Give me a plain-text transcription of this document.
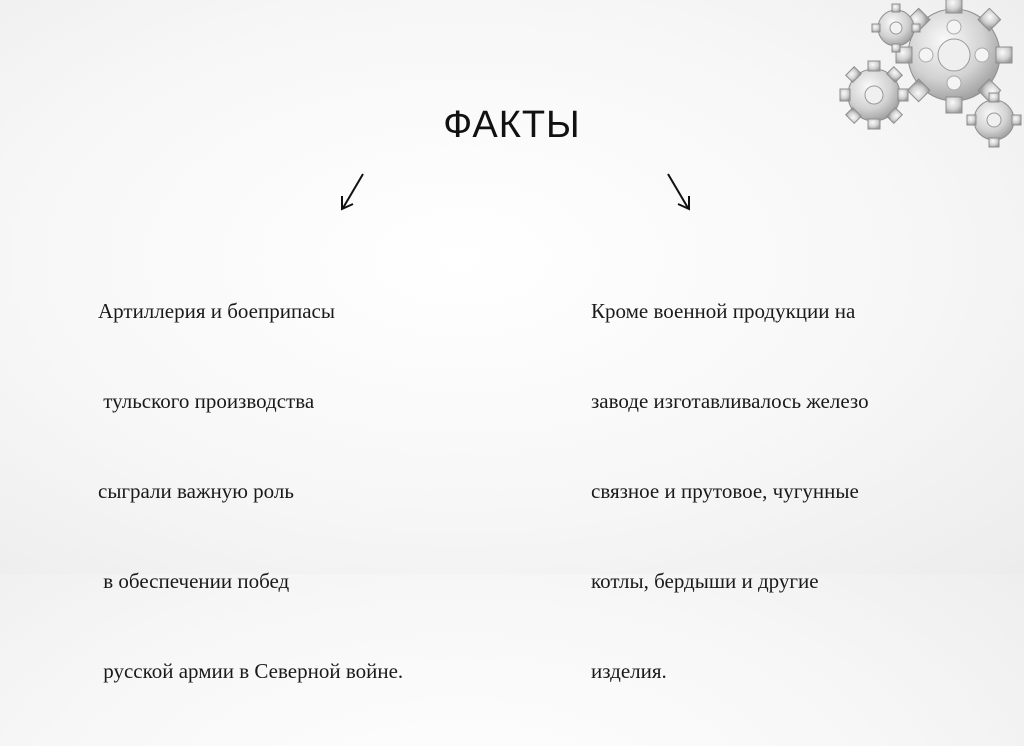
ФАКТЫ

Артиллерия и боеприпасы

тульского производства

сыграли важную роль

в обеспечении побед

русской армии в Северной войне.

Кроме военной продукции на

заводе изготавливалось железо

связное и прутовое, чугунные

котлы, бердыши и другие

изделия.
